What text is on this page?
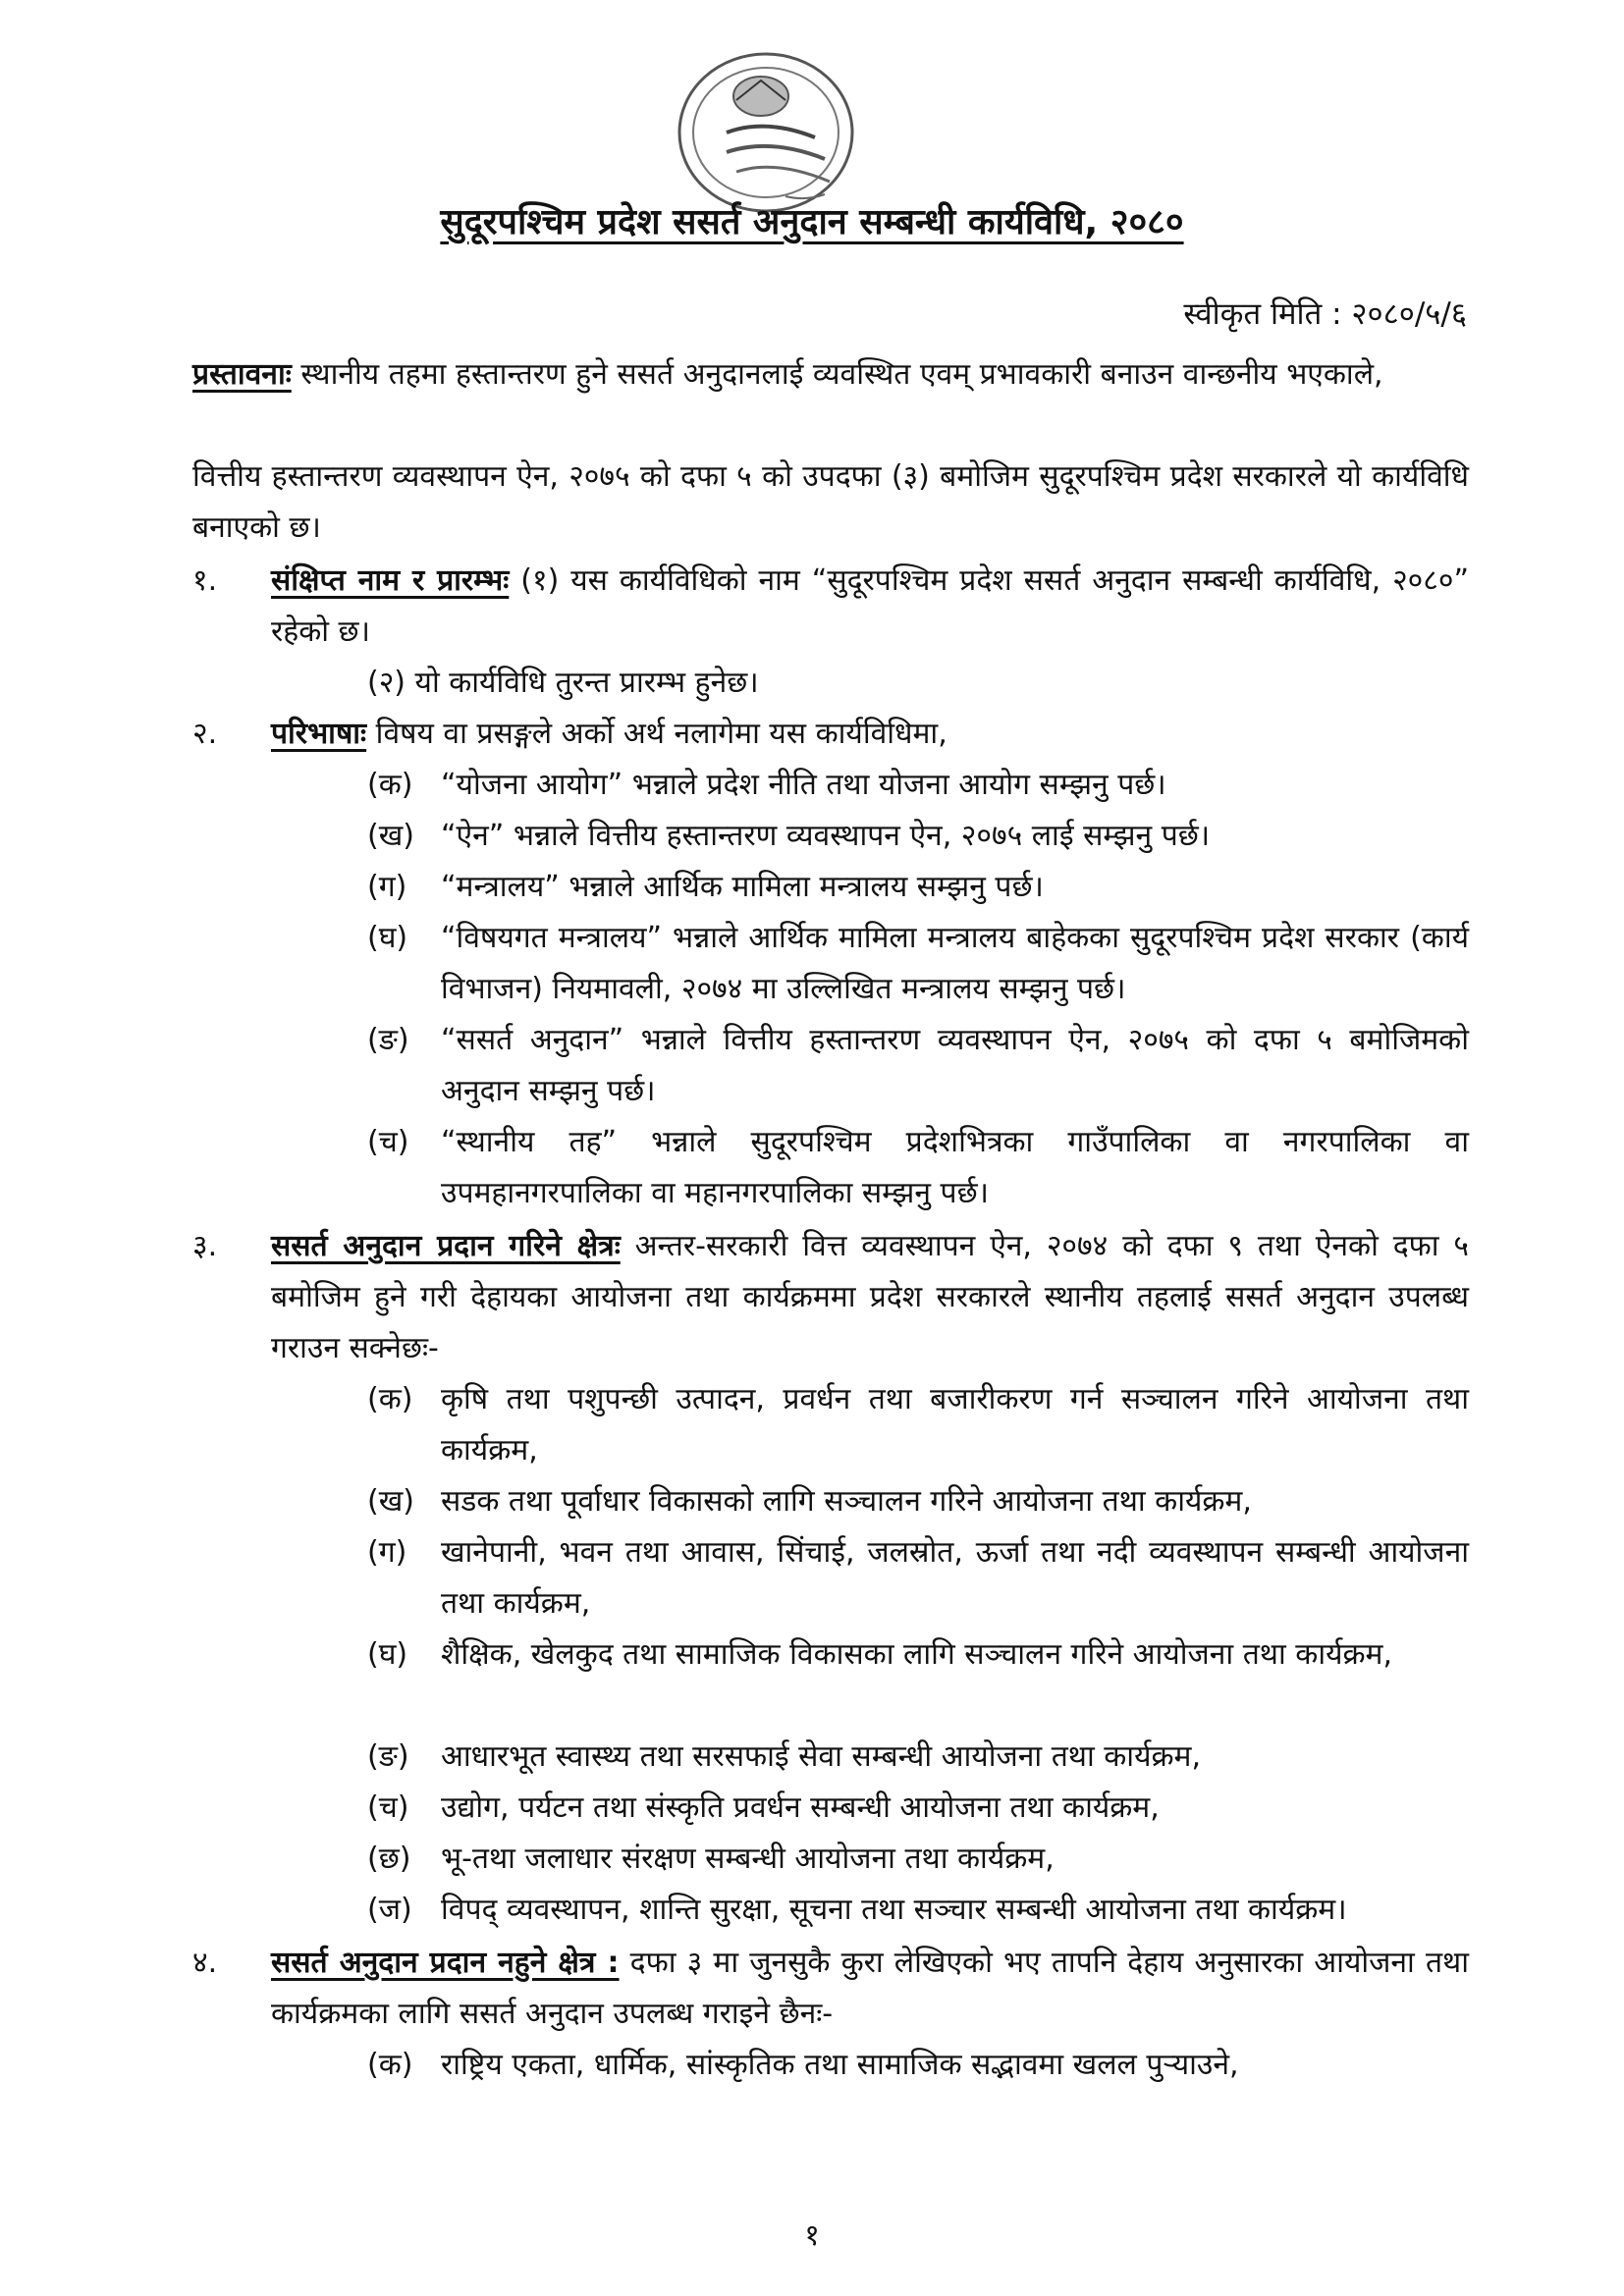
सुदूरपश्चिम प्रदेश ससर्त अनुदान सम्बन्धी कार्यविधि, २०८०
स्वीकृत मिति : २०८०/५/६
प्रस्तावनाः स्थानीय तहमा हस्तान्तरण हुने ससर्त अनुदानलाई व्यवस्थित एवम् प्रभावकारी बनाउन वान्छनीय भएकाले,
वित्तीय हस्तान्तरण व्यवस्थापन ऐन, २०७५ को दफा ५ को उपदफा (३) बमोजिम सुदूरपश्चिम प्रदेश सरकारले यो कार्यविधि बनाएको छ।
१.	संक्षिप्त नाम र प्रारम्भः (१) यस कार्यविधिको नाम “सुदूरपश्चिम प्रदेश ससर्त अनुदान सम्बन्धी कार्यविधि, २०८०” रहेको छ।
(२) यो कार्यविधि तुरन्त प्रारम्भ हुनेछ।
२.	परिभाषाः विषय वा प्रसङ्गले अर्को अर्थ नलागेमा यस कार्यविधिमा,
(क) “योजना आयोग” भन्नाले प्रदेश नीति तथा योजना आयोग सम्झनु पर्छ।
(ख) “ऐन” भन्नाले वित्तीय हस्तान्तरण व्यवस्थापन ऐन, २०७५ लाई सम्झनु पर्छ।
(ग)	“मन्त्रालय” भन्नाले आर्थिक मामिला मन्त्रालय सम्झनु पर्छ।
(घ)	“विषयगत मन्त्रालय” भन्नाले आर्थिक मामिला मन्त्रालय बाहेकका सुदूरपश्चिम प्रदेश सरकार (कार्य विभाजन) नियमावली, २०७४ मा उल्लिखित मन्त्रालय सम्झनु पर्छ।
(ङ)	“ससर्त अनुदान” भन्नाले वित्तीय हस्तान्तरण व्यवस्थापन ऐन, २०७५ को दफा ५ बमोजिमको अनुदान सम्झनु पर्छ।
(च)	“स्थानीय तह” भन्नाले सुदूरपश्चिम प्रदेशभित्रका गाउँपालिका वा नगरपालिका वा उपमहानगरपालिका वा महानगरपालिका सम्झनु पर्छ।
३.	ससर्त अनुदान प्रदान गरिने क्षेत्रः अन्तर-सरकारी वित्त व्यवस्थापन ऐन, २०७४ को दफा ९ तथा ऐनको दफा ५ बमोजिम हुने गरी देहायका आयोजना तथा कार्यक्रममा प्रदेश सरकारले स्थानीय तहलाई ससर्त अनुदान उपलब्ध गराउन सक्नेछः-
(क) कृषि तथा पशुपन्छी उत्पादन, प्रवर्धन तथा बजारीकरण गर्न सञ्चालन गरिने आयोजना तथा कार्यक्रम,
(ख) सडक तथा पूर्वाधार विकासको लागि सञ्चालन गरिने आयोजना तथा कार्यक्रम,
(ग)	खानेपानी, भवन तथा आवास, सिंचाई, जलस्रोत, ऊर्जा तथा नदी व्यवस्थापन सम्बन्धी आयोजना तथा कार्यक्रम,
(घ)	शैक्षिक, खेलकुद तथा सामाजिक विकासका लागि सञ्चालन गरिने आयोजना तथा कार्यक्रम,
(ङ)	आधारभूत स्वास्थ्य तथा सरसफाई सेवा सम्बन्धी आयोजना तथा कार्यक्रम,
(च)	उद्योग, पर्यटन तथा संस्कृति प्रवर्धन सम्बन्धी आयोजना तथा कार्यक्रम,
(छ)	भू-तथा जलाधार संरक्षण सम्बन्धी आयोजना तथा कार्यक्रम,
(ज) विपद् व्यवस्थापन, शान्ति सुरक्षा, सूचना तथा सञ्चार सम्बन्धी आयोजना तथा कार्यक्रम।
४.	ससर्त अनुदान प्रदान नहुने क्षेत्र : दफा ३ मा जुनसुकै कुरा लेखिएको भए तापनि देहाय अनुसारका आयोजना तथा कार्यक्रमका लागि ससर्त अनुदान उपलब्ध गराइने छैनः-
(क) राष्ट्रिय एकता, धार्मिक, सांस्कृतिक तथा सामाजिक सद्भावमा खलल पुऱ्याउने,
१
